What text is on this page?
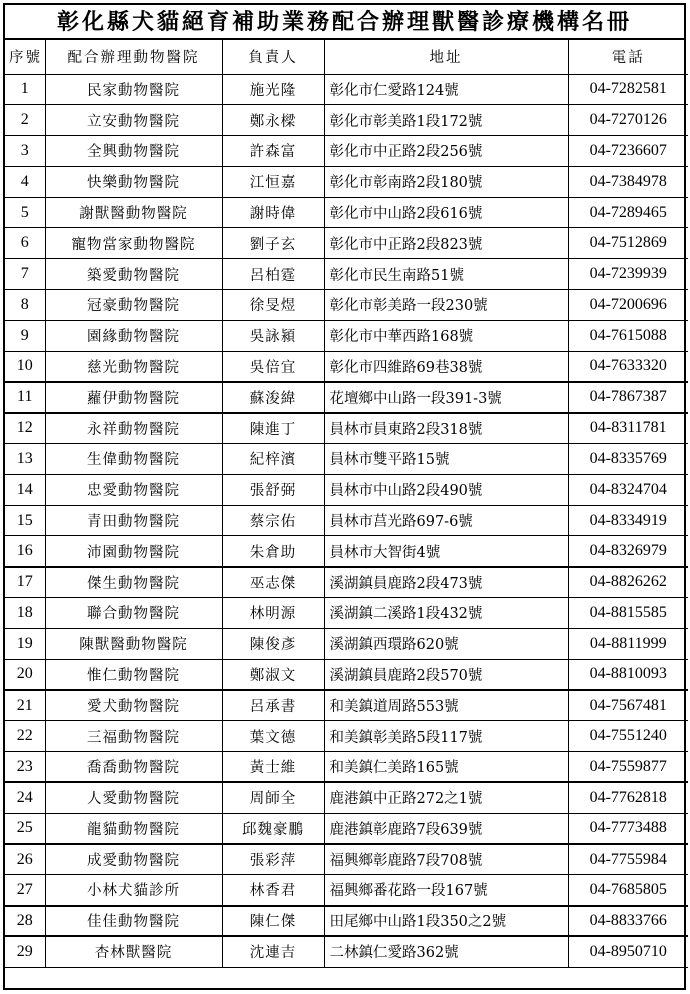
彰化縣犬貓絕育補助業務配合辦理獸醫診療機構名冊
序號	配合辦理動物醫院	負責人	地址	電話
1	民家動物醫院	施光隆	彰化市仁愛路124號	04-7282581
2	立安動物醫院	鄭永樑	彰化市彰美路1段172號	04-7270126
3	全興動物醫院	許森富	彰化市中正路2段256號	04-7236607
4	快樂動物醫院	江恒嘉	彰化市彰南路2段180號	04-7384978
5	謝獸醫動物醫院	謝時偉	彰化市中山路2段616號	04-7289465
6	寵物當家動物醫院	劉子玄	彰化市中正路2段823號	04-7512869
7	築愛動物醫院	呂柏霆	彰化市民生南路51號	04-7239939
8	冠豪動物醫院	徐旻煜	彰化市彰美路一段230號	04-7200696
9	園緣動物醫院	吳詠潁	彰化市中華西路168號	04-7615088
10	慈光動物醫院	吳倍宜	彰化市四維路69巷38號	04-7633320
11	蘿伊動物醫院	蘇浚緯	花壇鄉中山路一段391-3號	04-7867387
12	永祥動物醫院	陳進丁	員林市員東路2段318號	04-8311781
13	生偉動物醫院	紀梓濱	員林市雙平路15號	04-8335769
14	忠愛動物醫院	張舒弼	員林市中山路2段490號	04-8324704
15	青田動物醫院	蔡宗佑	員林市莒光路697-6號	04-8334919
16	沛園動物醫院	朱倉助	員林市大智街4號	04-8326979
17	傑生動物醫院	巫志傑	溪湖鎮員鹿路2段473號	04-8826262
18	聯合動物醫院	林明源	溪湖鎮二溪路1段432號	04-8815585
19	陳獸醫動物醫院	陳俊彥	溪湖鎮西環路620號	04-8811999
20	惟仁動物醫院	鄭淑文	溪湖鎮員鹿路2段570號	04-8810093
21	愛犬動物醫院	呂承書	和美鎮道周路553號	04-7567481
22	三福動物醫院	葉文德	和美鎮彰美路5段117號	04-7551240
23	喬喬動物醫院	黃士維	和美鎮仁美路165號	04-7559877
24	人愛動物醫院	周師全	鹿港鎮中正路272之1號	04-7762818
25	龍貓動物醫院	邱魏豪鵬	鹿港鎮彰鹿路7段639號	04-7773488
26	成愛動物醫院	張彩萍	福興鄉彰鹿路7段708號	04-7755984
27	小林犬貓診所	林香君	福興鄉番花路一段167號	04-7685805
28	佳佳動物醫院	陳仁傑	田尾鄉中山路1段350之2號	04-8833766
29	杏林獸醫院	沈連吉	二林鎮仁愛路362號	04-8950710
